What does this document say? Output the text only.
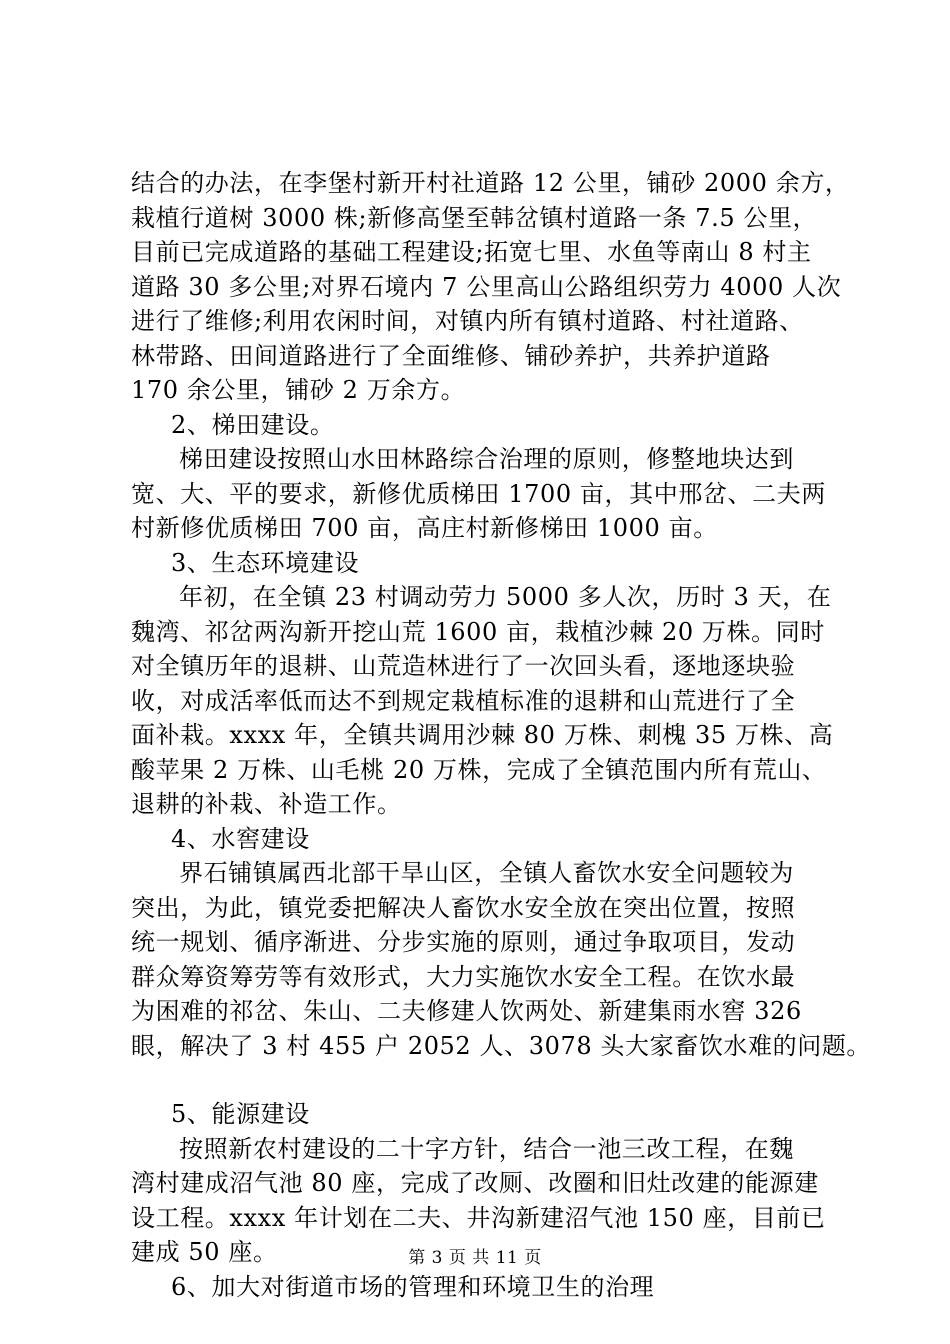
结合的办法，在李堡村新开村社道路 12 公里，铺砂 2000 余方，
栽植行道树 3000 株;新修高堡至韩岔镇村道路一条 7.5 公里，
目前已完成道路的基础工程建设;拓宽七里、水鱼等南山 8 村主
道路 30 多公里;对界石境内 7 公里高山公路组织劳力 4000 人次
进行了维修;利用农闲时间，对镇内所有镇村道路、村社道路、
林带路、田间道路进行了全面维修、铺砂养护，共养护道路
170 余公里，铺砂 2 万余方。
2、梯田建设。
梯田建设按照山水田林路综合治理的原则，修整地块达到
宽、大、平的要求，新修优质梯田 1700 亩，其中邢岔、二夫两
村新修优质梯田 700 亩，高庄村新修梯田 1000 亩。
3、生态环境建设
年初，在全镇 23 村调动劳力 5000 多人次，历时 3 天，在
魏湾、祁岔两沟新开挖山荒 1600 亩，栽植沙棘 20 万株。同时
对全镇历年的退耕、山荒造林进行了一次回头看，逐地逐块验
收，对成活率低而达不到规定栽植标准的退耕和山荒进行了全
面补栽。xxxx 年，全镇共调用沙棘 80 万株、刺槐 35 万株、高
酸苹果 2 万株、山毛桃 20 万株，完成了全镇范围内所有荒山、
退耕的补栽、补造工作。
4、水窖建设
界石铺镇属西北部干旱山区，全镇人畜饮水安全问题较为
突出，为此，镇党委把解决人畜饮水安全放在突出位置，按照
统一规划、循序渐进、分步实施的原则，通过争取项目，发动
群众筹资筹劳等有效形式，大力实施饮水安全工程。在饮水最
为困难的祁岔、朱山、二夫修建人饮两处、新建集雨水窖 326
眼，解决了 3 村 455 户 2052 人、3078 头大家畜饮水难的问题。
5、能源建设
按照新农村建设的二十字方针，结合一池三改工程，在魏
湾村建成沼气池 80 座，完成了改厕、改圈和旧灶改建的能源建
设工程。xxxx 年计划在二夫、井沟新建沼气池 150 座，目前已
建成 50 座。
6、加大对街道市场的管理和环境卫生的治理
第 3 页 共 11 页
